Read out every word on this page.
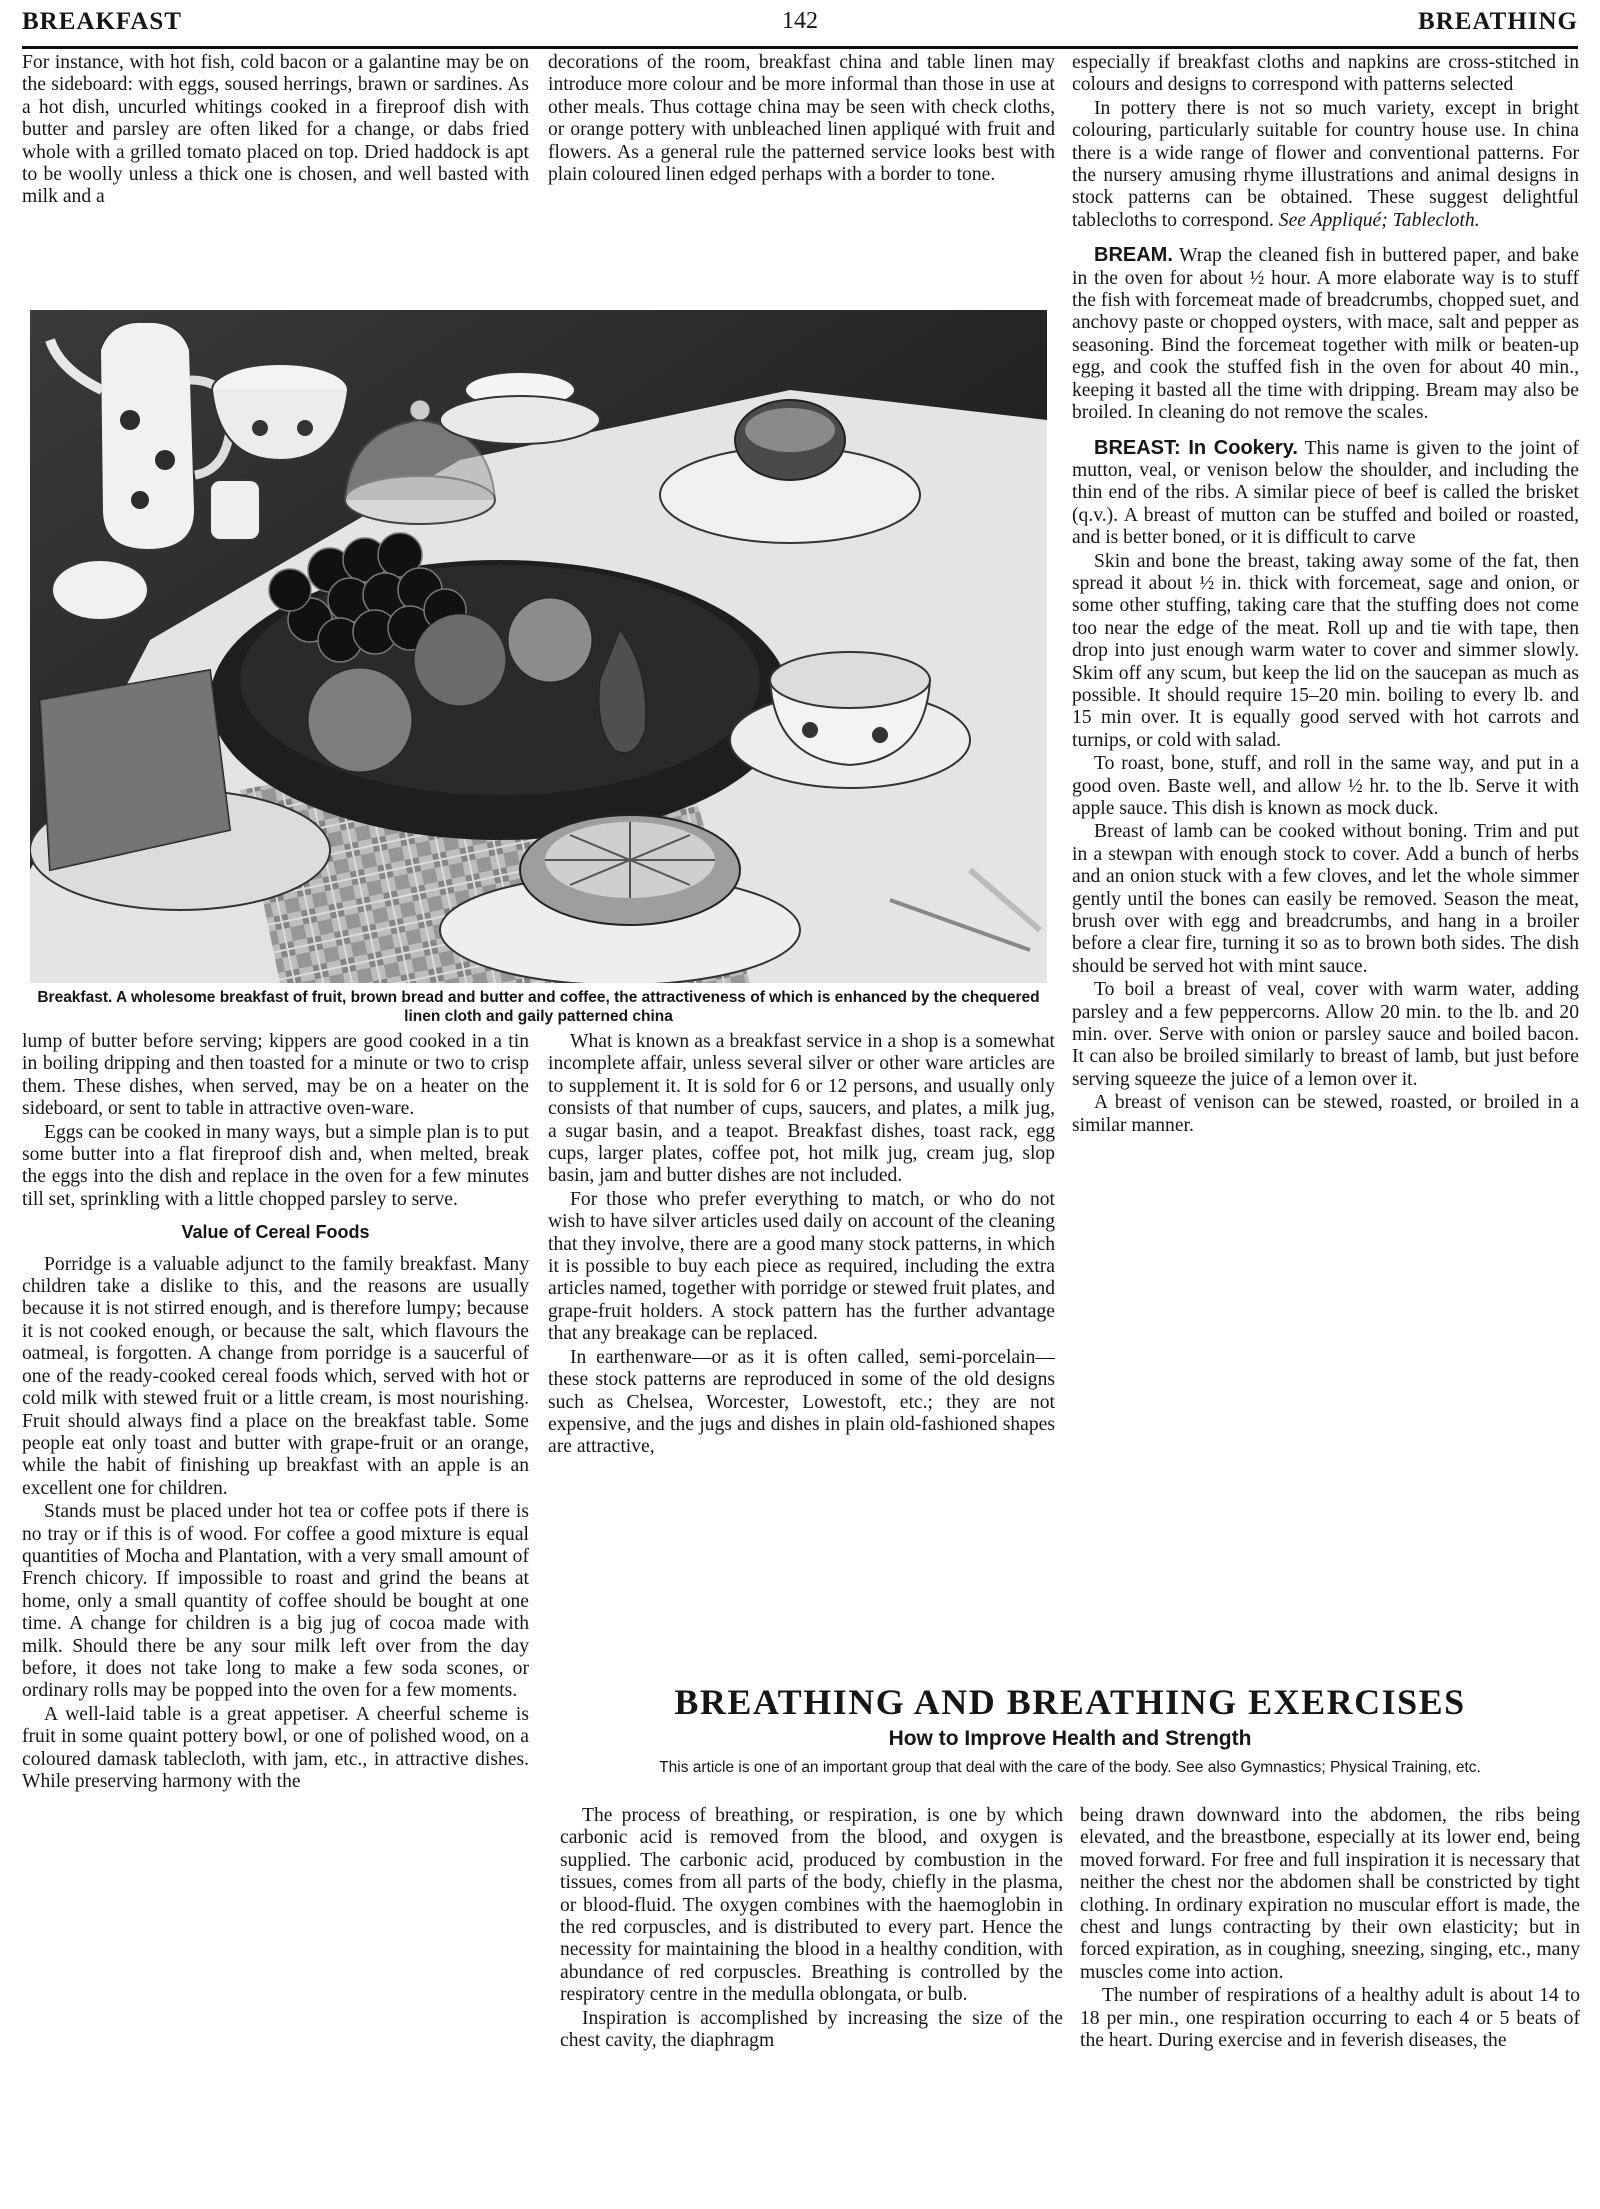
BREAKFAST	142	BREATHING

For instance, with hot fish, cold bacon or a galantine may be on the sideboard: with eggs, soused herrings, brawn or sardines. As a hot dish, uncurled whitings cooked in a fireproof dish with butter and parsley are often liked for a change, or dabs fried whole with a grilled tomato placed on top. Dried haddock is apt to be woolly unless a thick one is chosen, and well basted with milk and a

decorations of the room, breakfast china and table linen may introduce more colour and be more informal than those in use at other meals. Thus cottage china may be seen with check cloths, or orange pottery with unbleached linen appliqué with fruit and flowers. As a general rule the patterned service looks best with plain coloured linen edged perhaps with a border to tone.

Breakfast. A wholesome breakfast of fruit, brown bread and butter and coffee, the attractiveness of which is enhanced by the chequered linen cloth and gaily patterned china

lump of butter before serving; kippers are good cooked in a tin in boiling dripping and then toasted for a minute or two to crisp them. These dishes, when served, may be on a heater on the sideboard, or sent to table in attractive oven-ware.

Eggs can be cooked in many ways, but a simple plan is to put some butter into a flat fireproof dish and, when melted, break the eggs into the dish and replace in the oven for a few minutes till set, sprinkling with a little chopped parsley to serve.

Value of Cereal Foods

Porridge is a valuable adjunct to the family breakfast. Many children take a dislike to this, and the reasons are usually because it is not stirred enough, and is therefore lumpy; because it is not cooked enough, or because the salt, which flavours the oatmeal, is forgotten. A change from porridge is a saucerful of one of the ready-cooked cereal foods which, served with hot or cold milk with stewed fruit or a little cream, is most nourishing. Fruit should always find a place on the breakfast table. Some people eat only toast and butter with grape-fruit or an orange, while the habit of finishing up breakfast with an apple is an excellent one for children.

Stands must be placed under hot tea or coffee pots if there is no tray or if this is of wood. For coffee a good mixture is equal quantities of Mocha and Plantation, with a very small amount of French chicory. If impossible to roast and grind the beans at home, only a small quantity of coffee should be bought at one time. A change for children is a big jug of cocoa made with milk. Should there be any sour milk left over from the day before, it does not take long to make a few soda scones, or ordinary rolls may be popped into the oven for a few moments.

A well-laid table is a great appetiser. A cheerful scheme is fruit in some quaint pottery bowl, or one of polished wood, on a coloured damask tablecloth, with jam, etc., in attractive dishes. While preserving harmony with the

What is known as a breakfast service in a shop is a somewhat incomplete affair, unless several silver or other ware articles are to supplement it. It is sold for 6 or 12 persons, and usually only consists of that number of cups, saucers, and plates, a milk jug, a sugar basin, and a teapot. Breakfast dishes, toast rack, egg cups, larger plates, coffee pot, hot milk jug, cream jug, slop basin, jam and butter dishes are not included.

For those who prefer everything to match, or who do not wish to have silver articles used daily on account of the cleaning that they involve, there are a good many stock patterns, in which it is possible to buy each piece as required, including the extra articles named, together with porridge or stewed fruit plates, and grape-fruit holders. A stock pattern has the further advantage that any breakage can be replaced.

In earthenware—or as it is often called, semi-porcelain—these stock patterns are reproduced in some of the old designs such as Chelsea, Worcester, Lowestoft, etc.; they are not expensive, and the jugs and dishes in plain old-fashioned shapes are attractive,

especially if breakfast cloths and napkins are cross-stitched in colours and designs to correspond with patterns selected

In pottery there is not so much variety, except in bright colouring, particularly suitable for country house use. In china there is a wide range of flower and conventional patterns. For the nursery amusing rhyme illustrations and animal designs in stock patterns can be obtained. These suggest delightful tablecloths to correspond. See Appliqué; Tablecloth.

BREAM. Wrap the cleaned fish in buttered paper, and bake in the oven for about ½ hour. A more elaborate way is to stuff the fish with forcemeat made of breadcrumbs, chopped suet, and anchovy paste or chopped oysters, with mace, salt and pepper as seasoning. Bind the forcemeat together with milk or beaten-up egg, and cook the stuffed fish in the oven for about 40 min., keeping it basted all the time with dripping. Bream may also be broiled. In cleaning do not remove the scales.

BREAST: In Cookery. This name is given to the joint of mutton, veal, or venison below the shoulder, and including the thin end of the ribs. A similar piece of beef is called the brisket (q.v.). A breast of mutton can be stuffed and boiled or roasted, and is better boned, or it is difficult to carve

Skin and bone the breast, taking away some of the fat, then spread it about ½ in. thick with forcemeat, sage and onion, or some other stuffing, taking care that the stuffing does not come too near the edge of the meat. Roll up and tie with tape, then drop into just enough warm water to cover and simmer slowly. Skim off any scum, but keep the lid on the saucepan as much as possible. It should require 15–20 min. boiling to every lb. and 15 min over. It is equally good served with hot carrots and turnips, or cold with salad.

To roast, bone, stuff, and roll in the same way, and put in a good oven. Baste well, and allow ½ hr. to the lb. Serve it with apple sauce. This dish is known as mock duck.

Breast of lamb can be cooked without boning. Trim and put in a stewpan with enough stock to cover. Add a bunch of herbs and an onion stuck with a few cloves, and let the whole simmer gently until the bones can easily be removed. Season the meat, brush over with egg and breadcrumbs, and hang in a broiler before a clear fire, turning it so as to brown both sides. The dish should be served hot with mint sauce.

To boil a breast of veal, cover with warm water, adding parsley and a few peppercorns. Allow 20 min. to the lb. and 20 min. over. Serve with onion or parsley sauce and boiled bacon. It can also be broiled similarly to breast of lamb, but just before serving squeeze the juice of a lemon over it.

A breast of venison can be stewed, roasted, or broiled in a similar manner.

BREATHING AND BREATHING EXERCISES
How to Improve Health and Strength
This article is one of an important group that deal with the care of the body. See also Gymnastics; Physical Training, etc.

The process of breathing, or respiration, is one by which carbonic acid is removed from the blood, and oxygen is supplied. The carbonic acid, produced by combustion in the tissues, comes from all parts of the body, chiefly in the plasma, or blood-fluid. The oxygen combines with the haemoglobin in the red corpuscles, and is distributed to every part. Hence the necessity for maintaining the blood in a healthy condition, with abundance of red corpuscles. Breathing is controlled by the respiratory centre in the medulla oblongata, or bulb.

Inspiration is accomplished by increasing the size of the chest cavity, the diaphragm

being drawn downward into the abdomen, the ribs being elevated, and the breastbone, especially at its lower end, being moved forward. For free and full inspiration it is necessary that neither the chest nor the abdomen shall be constricted by tight clothing. In ordinary expiration no muscular effort is made, the chest and lungs contracting by their own elasticity; but in forced expiration, as in coughing, sneezing, singing, etc., many muscles come into action.

The number of respirations of a healthy adult is about 14 to 18 per min., one respiration occurring to each 4 or 5 beats of the heart. During exercise and in feverish diseases, the
